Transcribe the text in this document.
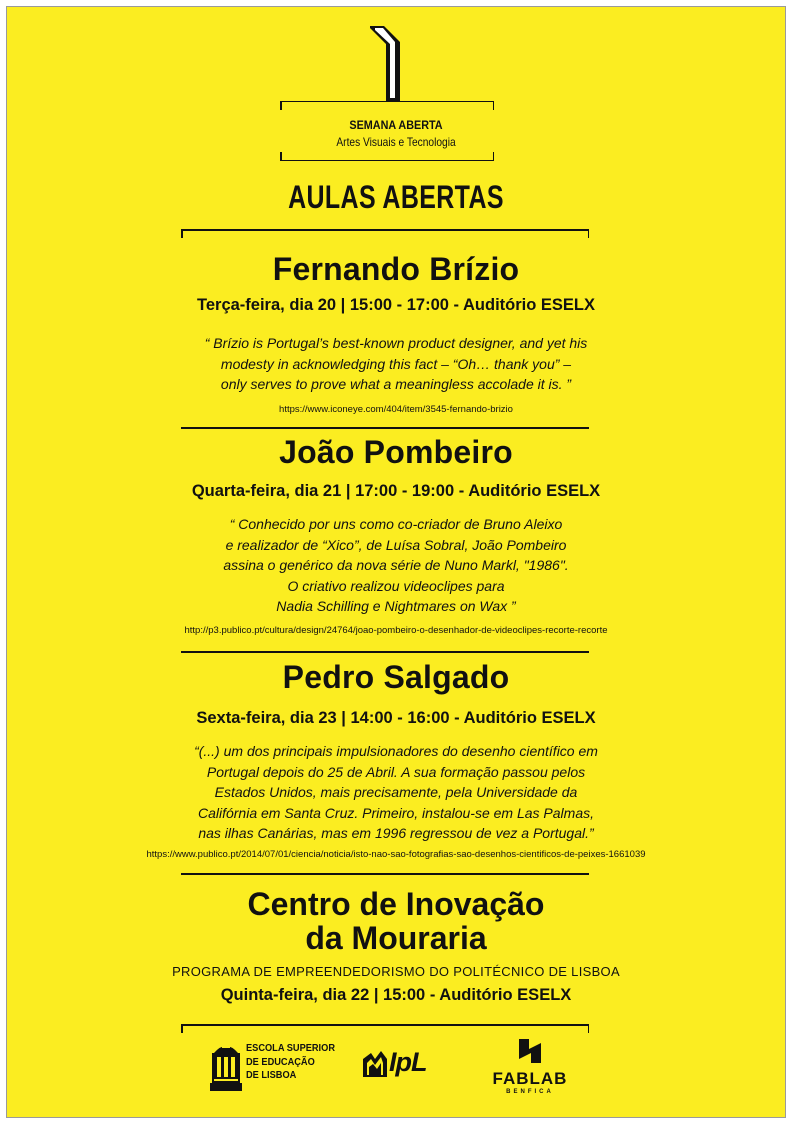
SEMANA ABERTA
Artes Visuais e Tecnologia
AULAS ABERTAS
Fernando Brízio
Terça-feira, dia 20 | 15:00 - 17:00 - Auditório ESELX
“ Brízio is Portugal’s best-known product designer, and yet his
modesty in acknowledging this fact – “Oh… thank you” –
only serves to prove what a meaningless accolade it is. ”
https://www.iconeye.com/404/item/3545-fernando-brizio
João Pombeiro
Quarta-feira, dia 21 | 17:00 - 19:00 - Auditório ESELX
“ Conhecido por uns como co-criador de Bruno Aleixo
e realizador de “Xico”, de Luísa Sobral, João Pombeiro
assina o genérico da nova série de Nuno Markl, "1986".
O criativo realizou videoclipes para
Nadia Schilling e Nightmares on Wax ”
http://p3.publico.pt/cultura/design/24764/joao-pombeiro-o-desenhador-de-videoclipes-recorte-recorte
Pedro Salgado
Sexta-feira, dia 23 | 14:00 - 16:00 - Auditório ESELX
“(...) um dos principais impulsionadores do desenho científico em
Portugal depois do 25 de Abril. A sua formação passou pelos
Estados Unidos, mais precisamente, pela Universidade da
Califórnia em Santa Cruz. Primeiro, instalou-se em Las Palmas,
nas ilhas Canárias, mas em 1996 regressou de vez a Portugal.”
https://www.publico.pt/2014/07/01/ciencia/noticia/isto-nao-sao-fotografias-sao-desenhos-cientificos-de-peixes-1661039
Centro de Inovação
da Mouraria
PROGRAMA DE EMPREENDEDORISMO DO POLITÉCNICO DE LISBOA
Quinta-feira, dia 22 | 15:00 - Auditório ESELX
ESCOLA SUPERIOR
DE EDUCAÇÃO
DE LISBOA	IpL
FABLAB
BENFICA
